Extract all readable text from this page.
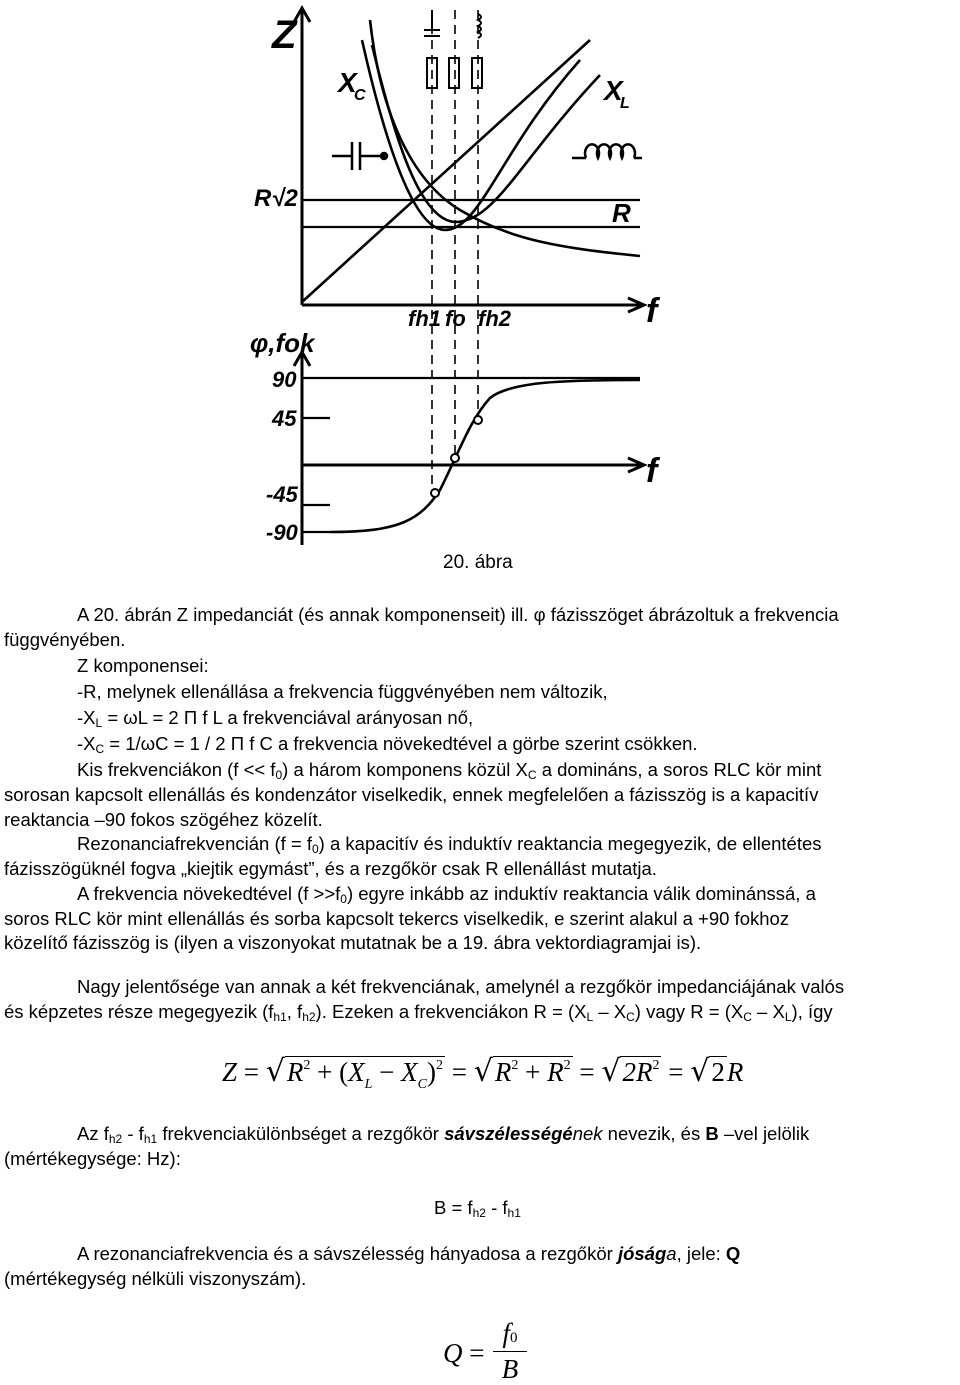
Z
X
C	X
L
R√2	R
f
fh1 fo fh2
φ,fok
90
45
-45
-90
f
20. ábra
A 20. ábrán Z impedanciát (és annak komponenseit) ill. φ fázisszöget ábrázoltuk a frekvencia
függvényében.
Z komponensei:
-R, melynek ellenállása a frekvencia függvényében nem változik,
$-X_L = \omega L = 2$ Π f L a frekvenciával arányosan nő,
$-X_C = 1/\omega C = 1 / 2$ Π f C a frekvencia növekedtével a görbe szerint csökken.
Kis frekvenciákon $(f << f_0)$ a három komponens közül $X_C$ a domináns, a soros RLC kör mint
sorosan kapcsolt ellenállás és kondenzátor viselkedik, ennek megfelelően a fázisszög is a kapacitív
reaktancia –90 fokos szögéhez közelít.
Rezonanciafrekvencián $(f = f_0)$ a kapacitív és induktív reaktancia megegyezik, de ellentétes
fázisszögüknél fogva „kiejtik egymást”, és a rezgőkör csak R ellenállást mutatja.
A frekvencia növekedtével $(f >>f_0)$ egyre inkább az induktív reaktancia válik dominánssá, a
soros RLC kör mint ellenállás és sorba kapcsolt tekercs viselkedik, e szerint alakul a +90 fokhoz
közelítő fázisszög is (ilyen a viszonyokat mutatnak be a 19. ábra vektordiagramjai is).
Nagy jelentősége van annak a két frekvenciának, amelynél a rezgőkör impedanciájának valós
és képzetes része megegyezik ($f_{h1}$, $f_{h2}$). Ezeken a frekvenciákon $R = (X_L - X_C)$ vagy $R = (X_C - X_L)$, így
$Z = √R^2 + (X_L - X_C)^2 = √R^2 + R^2 = √2R^2 = √2R$
Az $f_{h2} - f_{h1}$ frekvenciakülönbséget a rezgőkör sávszélességének nevezik, és B –vel jelölik
(mértékegysége: Hz):
$B = f_{h2} - f_{h1}$
A rezonanciafrekvencia és a sávszélesség hányadosa a rezgőkör jósága, jele: Q
(mértékegység nélküli viszonyszám).
Q =
f0
B
